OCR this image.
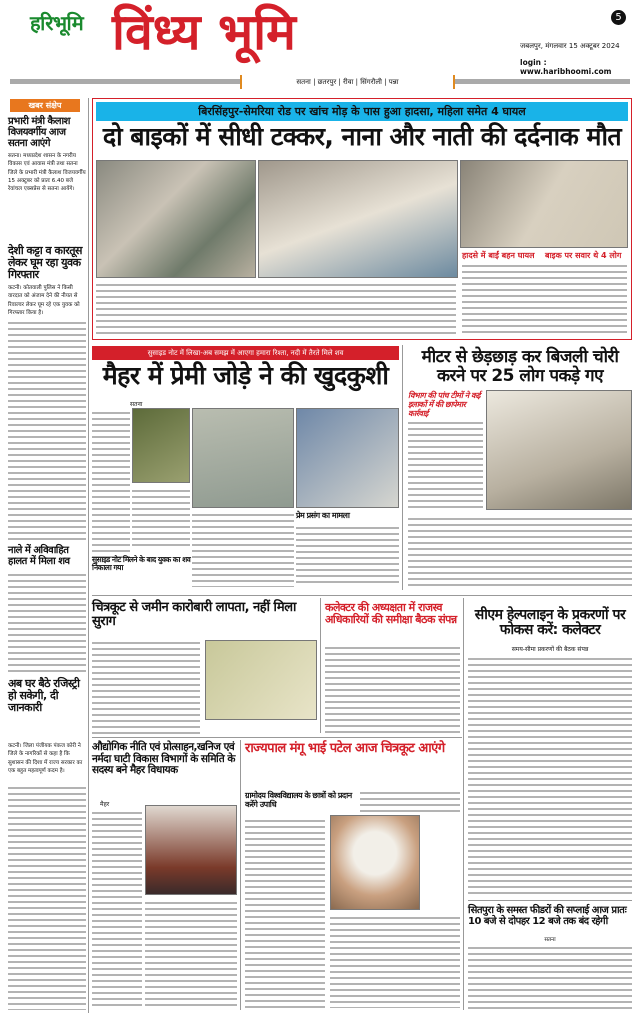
हरिभूमि विंध्य भूमि	5
जबलपुर, मंगलवार 15 अक्टूबर 2024
login : www.haribhoomi.com
सतना | छतरपुर | रीवा | सिंगरौली | पन्ना
खबर संक्षेप
प्रभारी मंत्री कैलाश विजयवर्गीय आज सतना आएंगे
सतना। मध्यप्रदेश शासन के नगरीय विकास एवं आवास मंत्री तथा सतना जिले के प्रभारी मंत्री कैलाश विजयवर्गीय 15 अक्टूबर को प्रातः 6.40 बजे रेवांचल एक्सप्रेस से सतना आयेंगे।
देशी कट्टा व कारतूस लेकर घूम रहा युवक गिरफ्तार
कटनी। कोतवाली पुलिस ने किसी वारदात को अंजाम देने की नीयत से रिवाल्वर लेकर घूम रहे एक युवक को गिरफ्तार किया है।
नाले में अविवाहित हालत में मिला शव
अब घर बैठे रजिस्ट्री हो सकेगी, दी जानकारी
कटनी। जिला पंजीयक पंकज कोरी ने जिले के नागरिकों से कहा है कि सुशासन की दिशा में राज्य सरकार का एक बहुत महत्वपूर्ण कदम है।
बिरसिंहपुर-सेमरिया रोड पर खांच मोड़ के पास हुआ हादसा, महिला समेत 4 घायल
दो बाइकों में सीधी टक्कर, नाना और नाती की दर्दनाक मौत
हादसे में बाईं बहन घायल बाइक पर सवार थे 4 लोग
सुसाइड नोट में लिखा-अब समझ में आएगा हमारा रिश्ता, नदी में तैरते मिले शव
मैहर में प्रेमी जोड़े ने की खुदकुशी
सतना
प्रेम प्रसंग का मामला
सुसाइड नोट मिलने के बाद युवक का शव निकाला गया
मीटर से छेड़छाड़ कर बिजली चोरी करने पर 25 लोग पकड़े गए
विभाग की पांच टीमों ने कई इलाकों में की छापेमार कार्रवाई
चित्रकूट से जमीन कारोबारी लापता, नहीं मिला सुराग
कलेक्टर की अध्यक्षता में राजस्व अधिकारियों की समीक्षा बैठक संपन्न	सीएम हेल्पलाइन के प्रकरणों पर फोकस करें: कलेक्टर
समय-सीमा प्रकरणों की बैठक संपन्न
औद्योगिक नीति एवं प्रोत्साहन,खनिज एवं नर्मदा घाटी विकास विभागों के समिति के सदस्य बने मैहर विधायक
मैहर
राज्यपाल मंगू भाई पटेल आज चित्रकूट आएंगे
ग्रामोदय विश्वविद्यालय के छात्रों को प्रदान करेंगे उपाधि
सितपुरा के समस्त फीडरों की सप्लाई आज प्रातः 10 बजे से दोपहर 12 बजे तक बंद रहेगी
सतना
